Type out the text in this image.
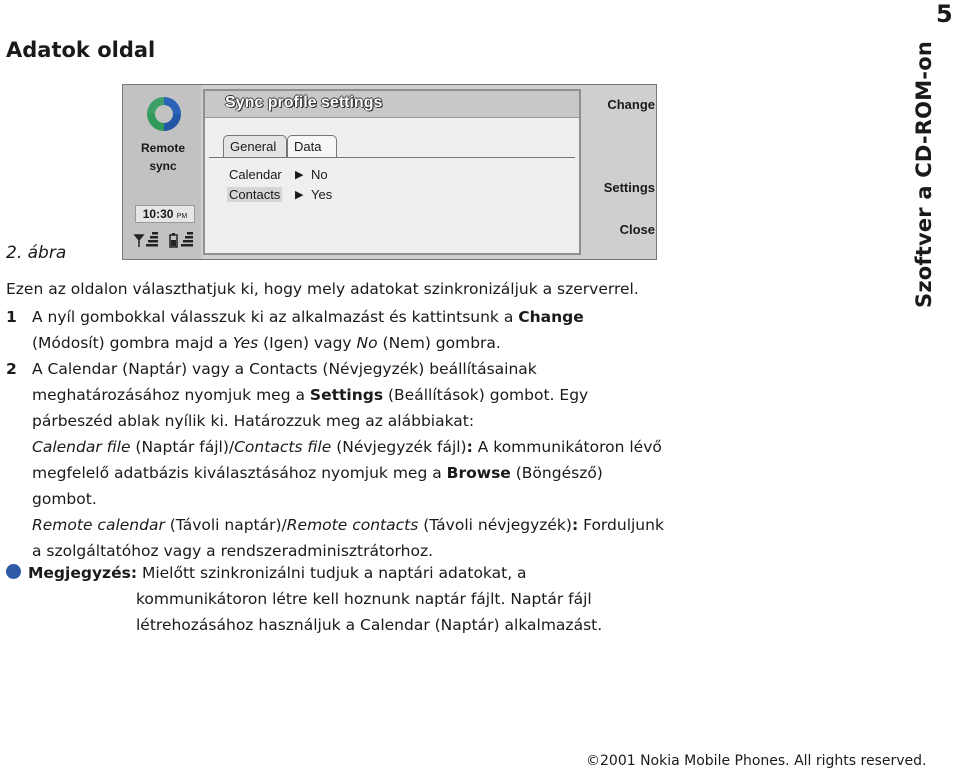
5
Szoftver a CD-ROM-on
Adatok oldal
2. ábra
Remote
sync
10:30 PM
Sync profile settings
General	Data
Calendar ▶ No
Contacts ▶ Yes
Change
Settings
Close
Ezen az oldalon választhatjuk ki, hogy mely adatokat szinkronizáljuk a szerverrel.
1 A nyíl gombokkal válasszuk ki az alkalmazást és kattintsunk a Change
(Módosít) gombra majd a Yes (Igen) vagy No (Nem) gombra.
2 A Calendar (Naptár) vagy a Contacts (Névjegyzék) beállításainak
meghatározásához nyomjuk meg a Settings (Beállítások) gombot. Egy
párbeszéd ablak nyílik ki. Határozzuk meg az alábbiakat:
Calendar file (Naptár fájl)/Contacts file (Névjegyzék fájl): A kommunikátoron lévő
megfelelő adatbázis kiválasztásához nyomjuk meg a Browse (Böngésző)
gombot.
Remote calendar (Távoli naptár)/Remote contacts (Távoli névjegyzék): Forduljunk
a szolgáltatóhoz vagy a rendszeradminisztrátorhoz.
Megjegyzés: Mielőtt szinkronizálni tudjuk a naptári adatokat, a
kommunikátoron létre kell hoznunk naptár fájlt. Naptár fájl
létrehozásához használjuk a Calendar (Naptár) alkalmazást.
©2001 Nokia Mobile Phones. All rights reserved.
